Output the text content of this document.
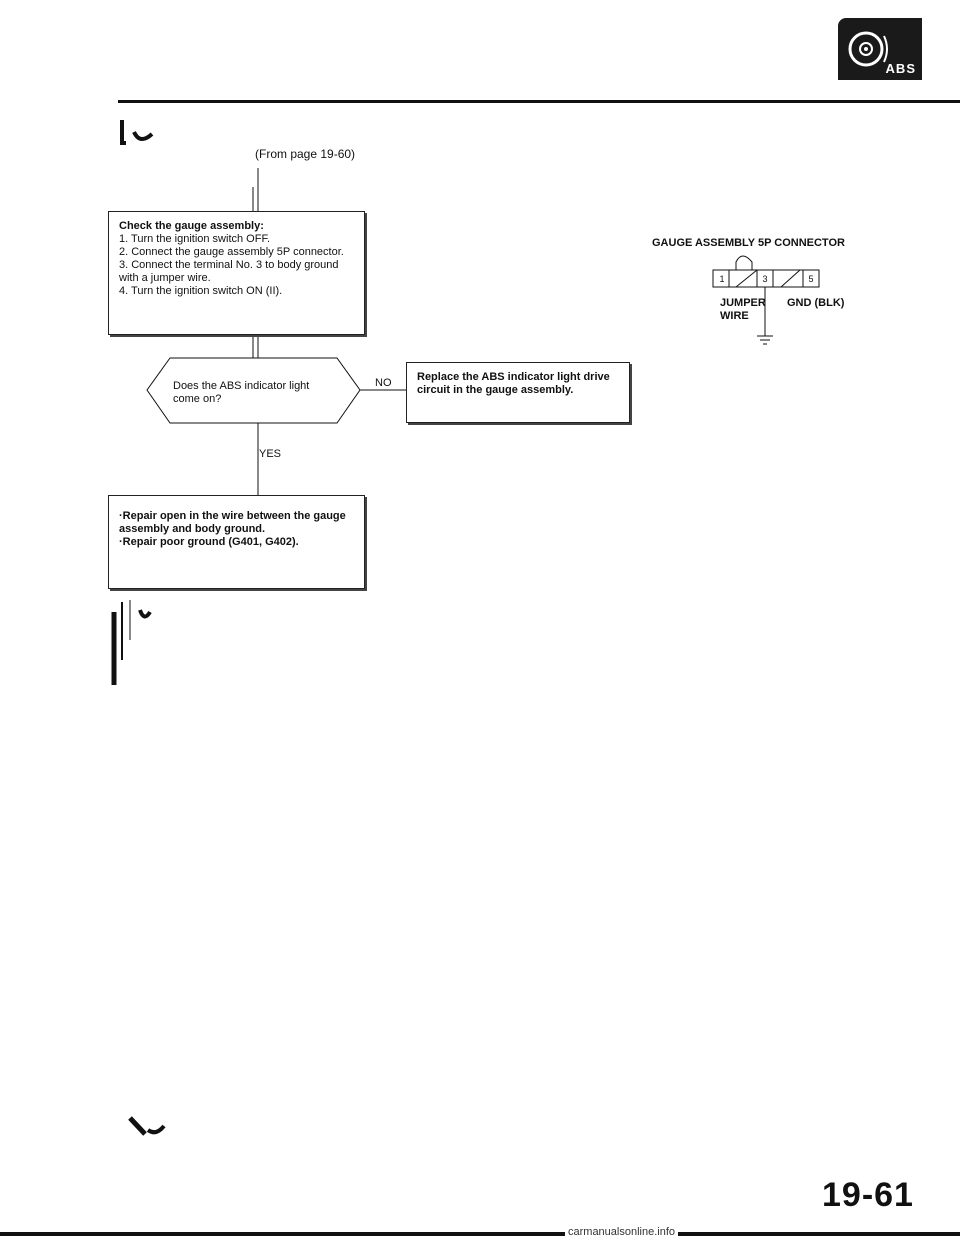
ABS
(From page 19-60)
Check the gauge assembly:
1. Turn the ignition switch OFF.
2. Connect the gauge assembly 5P connector.
3. Connect the terminal No. 3 to body ground with a jumper wire.
4. Turn the ignition switch ON (II).
Does the ABS indicator light come on?
NO
YES
Replace the ABS indicator light drive circuit in the gauge assembly.
·Repair open in the wire between the gauge assembly and body ground.
·Repair poor ground (G401, G402).
GAUGE ASSEMBLY 5P CONNECTOR
1	3	5
JUMPER
WIRE
GND (BLK)
19-61
carmanualsonline.info
